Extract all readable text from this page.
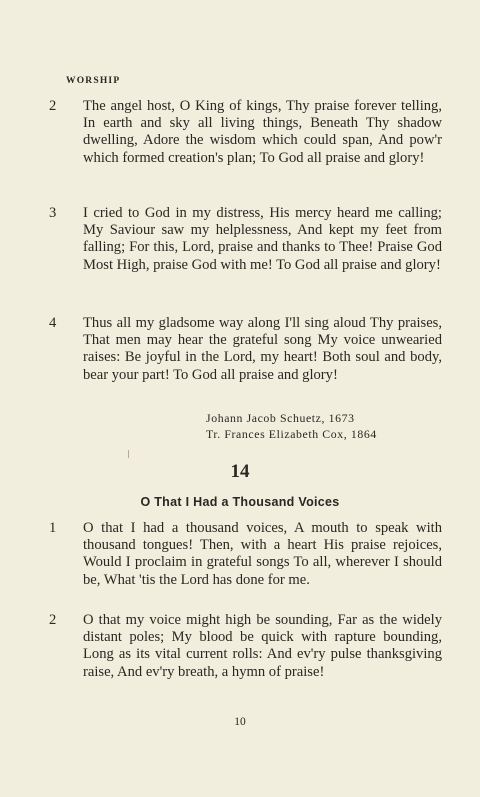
WORSHIP
2 The angel host, O King of kings, Thy praise forever telling, In earth and sky all living things, Beneath Thy shadow dwelling, Adore the wisdom which could span, And pow'r which formed creation's plan; To God all praise and glory!
3 I cried to God in my distress, His mercy heard me calling; My Saviour saw my helplessness, And kept my feet from falling; For this, Lord, praise and thanks to Thee! Praise God Most High, praise God with me! To God all praise and glory!
4 Thus all my gladsome way along I'll sing aloud Thy praises, That men may hear the grateful song My voice unwearied raises: Be joyful in the Lord, my heart! Both soul and body, bear your part! To God all praise and glory!
Johann Jacob Schuetz, 1673
Tr. Frances Elizabeth Cox, 1864
14
O That I Had a Thousand Voices
1 O that I had a thousand voices, A mouth to speak with thousand tongues! Then, with a heart His praise rejoices, Would I proclaim in grateful songs To all, wherever I should be, What 'tis the Lord has done for me.
2 O that my voice might high be sounding, Far as the widely distant poles; My blood be quick with rapture bounding, Long as its vital current rolls: And ev'ry pulse thanksgiving raise, And ev'ry breath, a hymn of praise!
10
